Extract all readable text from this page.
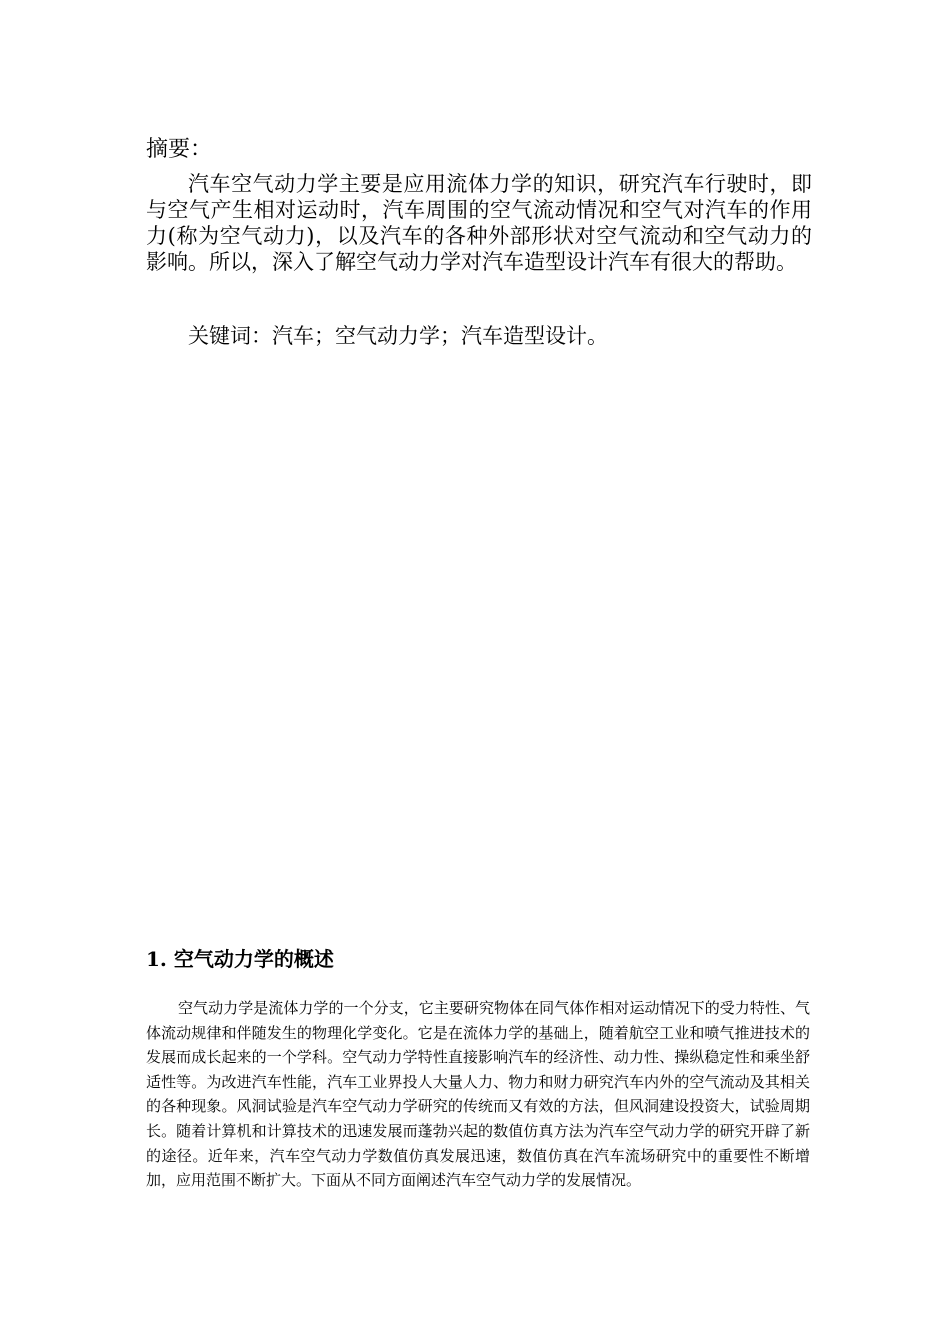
摘要：

汽车空气动力学主要是应用流体力学的知识，研究汽车行驶时，即与空气产生相对运动时，汽车周围的空气流动情况和空气对汽车的作用力(称为空气动力)，以及汽车的各种外部形状对空气流动和空气动力的影响。所以，深入了解空气动力学对汽车造型设计汽车有很大的帮助。

关键词：汽车；空气动力学；汽车造型设计。

1. 空气动力学的概述

空气动力学是流体力学的一个分支，它主要研究物体在同气体作相对运动情况下的受力特性、气体流动规律和伴随发生的物理化学变化。它是在流体力学的基础上，随着航空工业和喷气推进技术的发展而成长起来的一个学科。空气动力学特性直接影响汽车的经济性、动力性、操纵稳定性和乘坐舒适性等。为改进汽车性能，汽车工业界投人大量人力、物力和财力研究汽车内外的空气流动及其相关的各种现象。风洞试验是汽车空气动力学研究的传统而又有效的方法，但风洞建设投资大，试验周期长。随着计算机和计算技术的迅速发展而蓬勃兴起的数值仿真方法为汽车空气动力学的研究开辟了新的途径。近年来，汽车空气动力学数值仿真发展迅速，数值仿真在汽车流场研究中的重要性不断增加，应用范围不断扩大。下面从不同方面阐述汽车空气动力学的发展情况。
